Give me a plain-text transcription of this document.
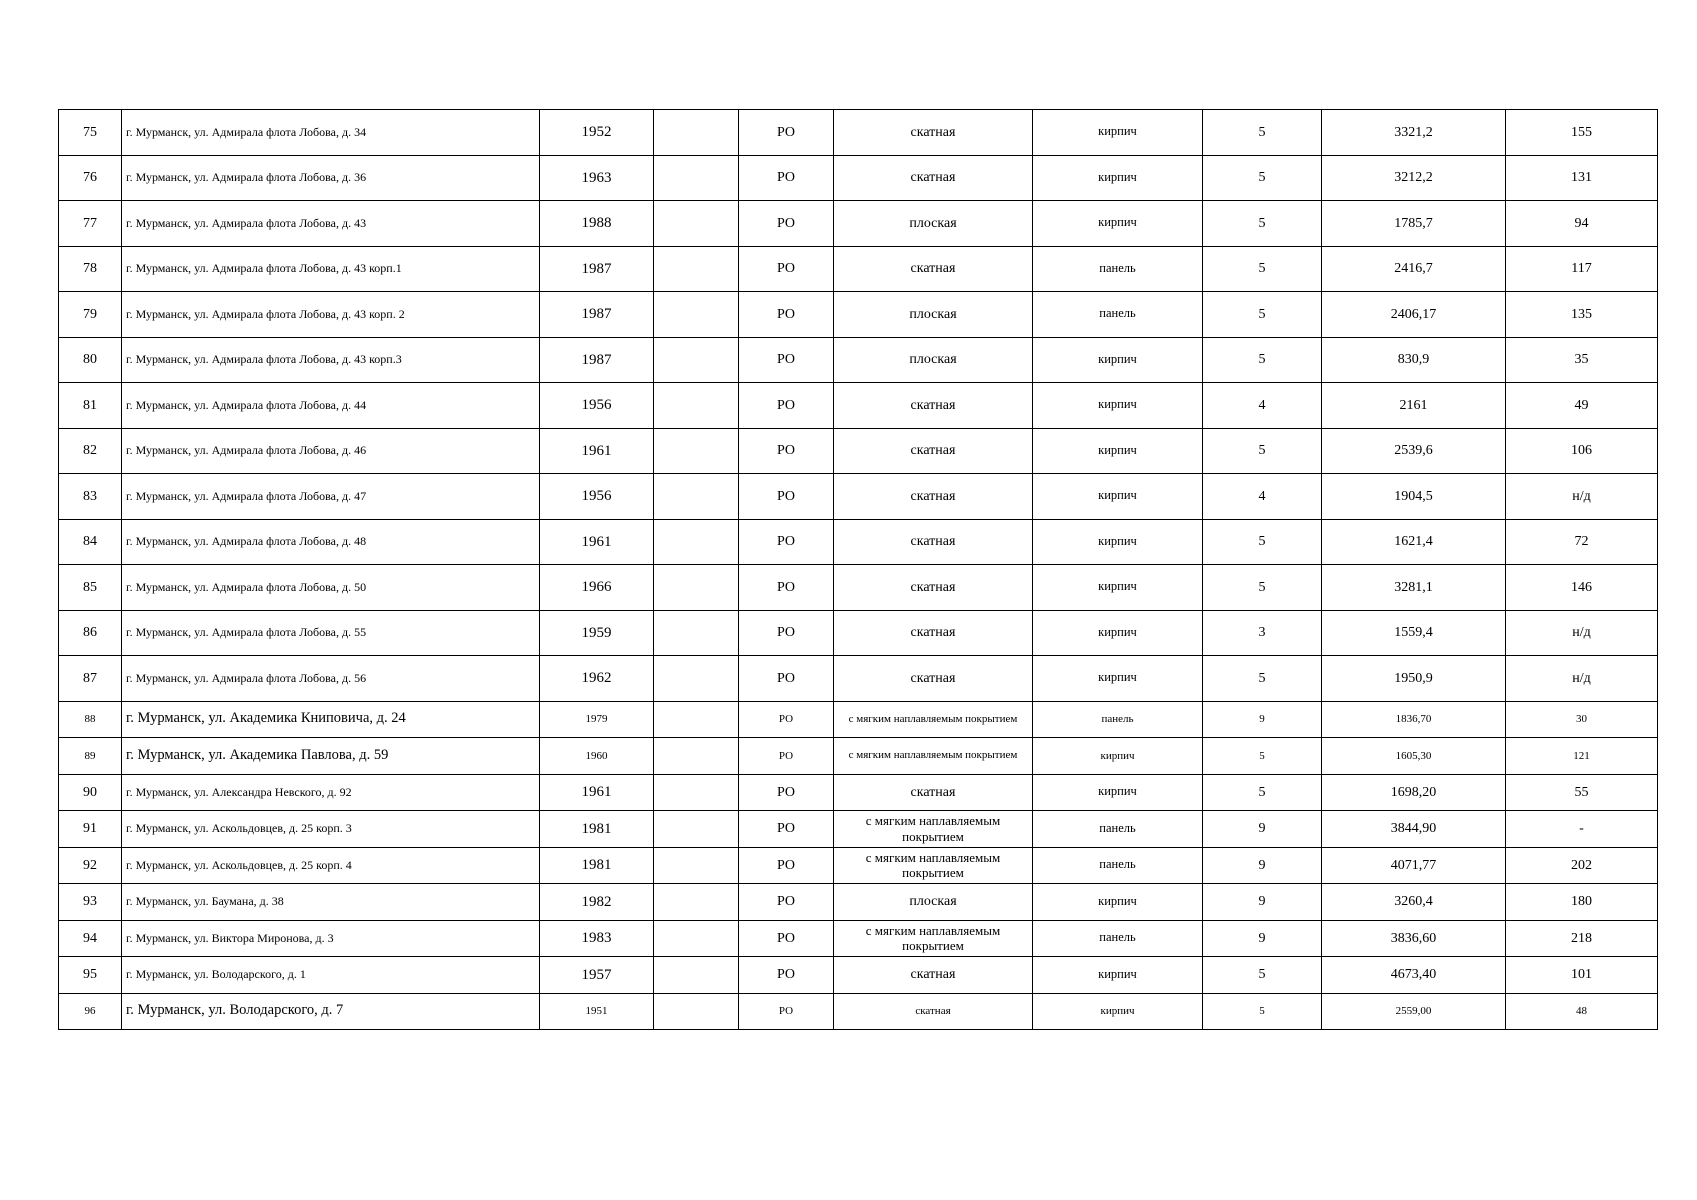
75	г. Мурманск, ул. Адмирала флота Лобова, д. 34	1952		РО	скатная	кирпич	5	3321,2	155
76	г. Мурманск, ул. Адмирала флота Лобова, д. 36	1963		РО	скатная	кирпич	5	3212,2	131
77	г. Мурманск, ул. Адмирала флота Лобова, д. 43	1988		РО	плоская	кирпич	5	1785,7	94
78	г. Мурманск, ул. Адмирала флота Лобова, д. 43 корп.1	1987		РО	скатная	панель	5	2416,7	117
79	г. Мурманск, ул. Адмирала флота Лобова, д. 43 корп. 2	1987		РО	плоская	панель	5	2406,17	135
80	г. Мурманск, ул. Адмирала флота Лобова, д. 43 корп.3	1987		РО	плоская	кирпич	5	830,9	35
81	г. Мурманск, ул. Адмирала флота Лобова, д. 44	1956		РО	скатная	кирпич	4	2161	49
82	г. Мурманск, ул. Адмирала флота Лобова, д. 46	1961		РО	скатная	кирпич	5	2539,6	106
83	г. Мурманск, ул. Адмирала флота Лобова, д. 47	1956		РО	скатная	кирпич	4	1904,5	н/д
84	г. Мурманск, ул. Адмирала флота Лобова, д. 48	1961		РО	скатная	кирпич	5	1621,4	72
85	г. Мурманск, ул. Адмирала флота Лобова, д. 50	1966		РО	скатная	кирпич	5	3281,1	146
86	г. Мурманск, ул. Адмирала флота Лобова, д. 55	1959		РО	скатная	кирпич	3	1559,4	н/д
87	г. Мурманск, ул. Адмирала флота Лобова, д. 56	1962		РО	скатная	кирпич	5	1950,9	н/д
88	г. Мурманск, ул. Академика Книповича, д. 24	1979		РО	с мягким наплавляемым покрытием	панель	9	1836,70	30
89	г. Мурманск, ул. Академика Павлова, д. 59	1960		РО	с мягким наплавляемым покрытием	кирпич	5	1605,30	121
90	г. Мурманск, ул. Александра Невского, д. 92	1961		РО	скатная	кирпич	5	1698,20	55
91	г. Мурманск, ул. Аскольдовцев, д. 25 корп. 3	1981		РО	с мягким наплавляемым покрытием	панель	9	3844,90	-
92	г. Мурманск, ул. Аскольдовцев, д. 25 корп. 4	1981		РО	с мягким наплавляемым покрытием	панель	9	4071,77	202
93	г. Мурманск, ул. Баумана, д. 38	1982		РО	плоская	кирпич	9	3260,4	180
94	г. Мурманск, ул. Виктора Миронова, д. 3	1983		РО	с мягким наплавляемым покрытием	панель	9	3836,60	218
95	г. Мурманск, ул. Володарского, д. 1	1957		РО	скатная	кирпич	5	4673,40	101
96	г. Мурманск, ул. Володарского, д. 7	1951		РО	скатная	кирпич	5	2559,00	48
